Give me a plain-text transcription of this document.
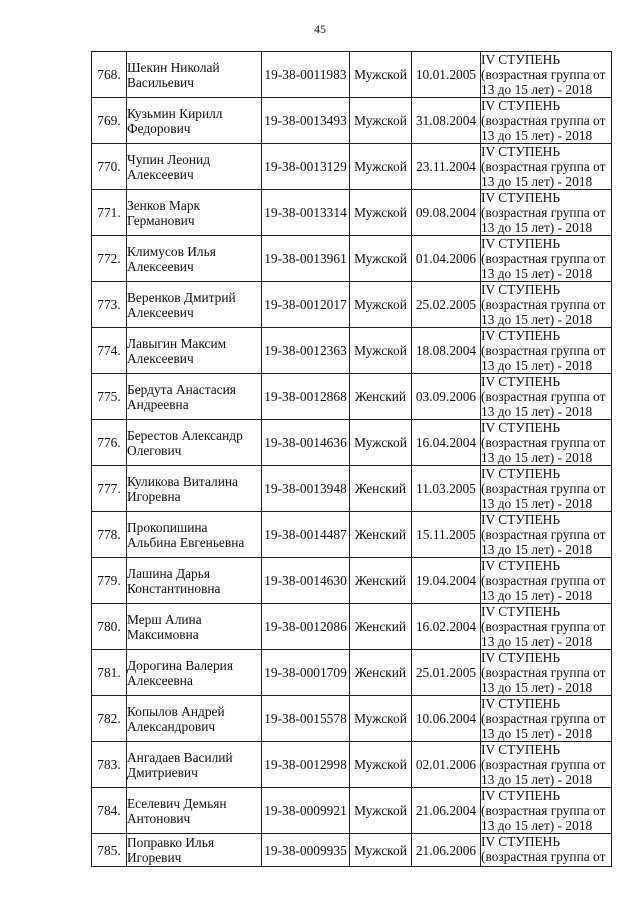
45
768.	Шекин Николай
Васильевич	19-38-0011983	Мужской	10.01.2005	IV СТУПЕНЬ
(возрастная группа от
13 до 15 лет) - 2018

769.	Кузьмин Кирилл
Федорович	19-38-0013493	Мужской	31.08.2004	IV СТУПЕНЬ
(возрастная группа от
13 до 15 лет) - 2018

770.	Чупин Леонид
Алексеевич	19-38-0013129	Мужской	23.11.2004	IV СТУПЕНЬ
(возрастная группа от
13 до 15 лет) - 2018

771.	Зенков Марк
Германович	19-38-0013314	Мужской	09.08.2004	IV СТУПЕНЬ
(возрастная группа от
13 до 15 лет) - 2018

772.	Климусов Илья
Алексеевич	19-38-0013961	Мужской	01.04.2006	IV СТУПЕНЬ
(возрастная группа от
13 до 15 лет) - 2018

773.	Веренков Дмитрий
Алексеевич	19-38-0012017	Мужской	25.02.2005	IV СТУПЕНЬ
(возрастная группа от
13 до 15 лет) - 2018

774.	Лавыгин Максим
Алексеевич	19-38-0012363	Мужской	18.08.2004	IV СТУПЕНЬ
(возрастная группа от
13 до 15 лет) - 2018

775.	Бердута Анастасия
Андреевна	19-38-0012868	Женский	03.09.2006	IV СТУПЕНЬ
(возрастная группа от
13 до 15 лет) - 2018

776.	Берестов Александр
Олегович	19-38-0014636	Мужской	16.04.2004	IV СТУПЕНЬ
(возрастная группа от
13 до 15 лет) - 2018

777.	Куликова Виталина
Игоревна	19-38-0013948	Женский	11.03.2005	IV СТУПЕНЬ
(возрастная группа от
13 до 15 лет) - 2018

778.	Прокопишина
Альбина Евгеньевна	19-38-0014487	Женский	15.11.2005	IV СТУПЕНЬ
(возрастная группа от
13 до 15 лет) - 2018

779.	Лашина Дарья
Константиновна	19-38-0014630	Женский	19.04.2004	IV СТУПЕНЬ
(возрастная группа от
13 до 15 лет) - 2018

780.	Мерш Алина
Максимовна	19-38-0012086	Женский	16.02.2004	IV СТУПЕНЬ
(возрастная группа от
13 до 15 лет) - 2018

781.	Дорогина Валерия
Алексеевна	19-38-0001709	Женский	25.01.2005	IV СТУПЕНЬ
(возрастная группа от
13 до 15 лет) - 2018

782.	Копылов Андрей
Александрович	19-38-0015578	Мужской	10.06.2004	IV СТУПЕНЬ
(возрастная группа от
13 до 15 лет) - 2018

783.	Ангадаев Василий
Дмитриевич	19-38-0012998	Мужской	02.01.2006	IV СТУПЕНЬ
(возрастная группа от
13 до 15 лет) - 2018

784.	Еселевич Демьян
Антонович	19-38-0009921	Мужской	21.06.2004	IV СТУПЕНЬ
(возрастная группа от
13 до 15 лет) - 2018

785.	Поправко Илья
Игоревич	19-38-0009935	Мужской	21.06.2006	IV СТУПЕНЬ
(возрастная группа от
